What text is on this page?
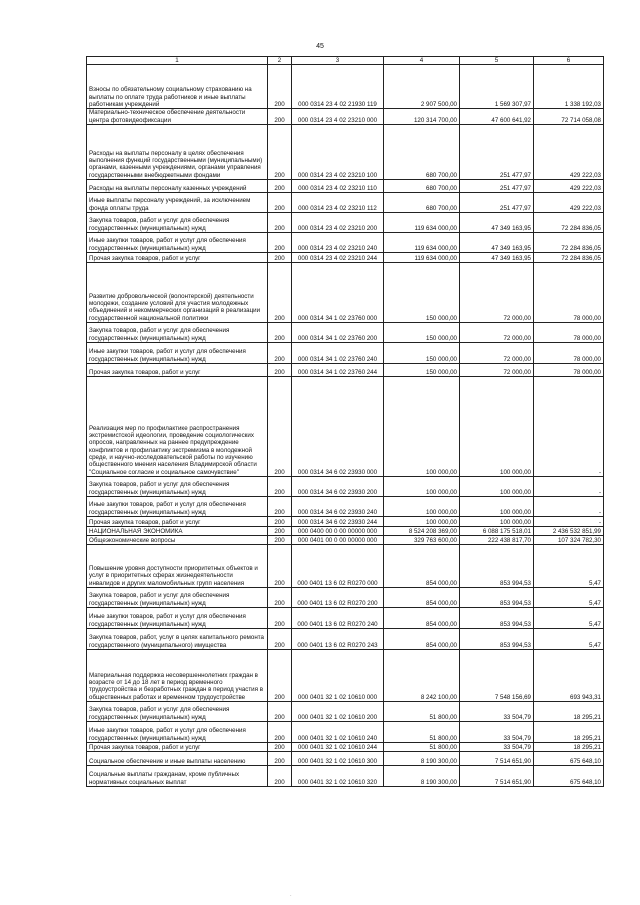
45
·
1	2	3	4	5	6
Взносы по обязательному социальному страхованию на выплаты по оплате труда работников и иные выплаты работникам учреждений	200	000 0314 23 4 02 21930 119	2 907 500,00	1 569 307,97	1 338 192,03
Материально-техническое обеспечение деятельности центра фотовидеофиксации	200	000 0314 23 4 02 23210 000	120 314 700,00	47 600 641,92	72 714 058,08
Расходы на выплаты персоналу в целях обеспечения выполнения функций государственными (муниципальными) органами, казенными учреждениями, органами управления государственными внебюджетными фондами	200	000 0314 23 4 02 23210 100	680 700,00	251 477,97	429 222,03
Расходы на выплаты персоналу казенных учреждений	200	000 0314 23 4 02 23210 110	680 700,00	251 477,97	429 222,03
Иные выплаты персоналу учреждений, за исключением фонда оплаты труда	200	000 0314 23 4 02 23210 112	680 700,00	251 477,97	429 222,03
Закупка товаров, работ и услуг для обеспечения государственных (муниципальных) нужд	200	000 0314 23 4 02 23210 200	119 634 000,00	47 349 163,95	72 284 836,05
Иные закупки товаров, работ и услуг для обеспечения государственных (муниципальных) нужд	200	000 0314 23 4 02 23210 240	119 634 000,00	47 349 163,95	72 284 836,05
Прочая закупка товаров, работ и услуг	200	000 0314 23 4 02 23210 244	119 634 000,00	47 349 163,95	72 284 836,05
Развитие добровольческой (волонтерской) деятельности молодежи, создание условий для участия молодежных объединений и некоммерческих организаций в реализации государственной национальной политики	200	000 0314 34 1 02 23760 000	150 000,00	72 000,00	78 000,00
Закупка товаров, работ и услуг для обеспечения государственных (муниципальных) нужд	200	000 0314 34 1 02 23760 200	150 000,00	72 000,00	78 000,00
Иные закупки товаров, работ и услуг для обеспечения государственных (муниципальных) нужд	200	000 0314 34 1 02 23760 240	150 000,00	72 000,00	78 000,00
Прочая закупка товаров, работ и услуг	200	000 0314 34 1 02 23760 244	150 000,00	72 000,00	78 000,00
Реализация мер по профилактике распространения экстремистской идеологии, проведение социологических опросов, направленных на раннее предупреждение конфликтов и профилактику экстремизма в молодежной среде, и научно-исследовательской работы по изучению общественного мнения населения Владимирской области "Социальное согласие и социальное самочувствие"	200	000 0314 34 6 02 23930 000	100 000,00	100 000,00	-
Закупка товаров, работ и услуг для обеспечения государственных (муниципальных) нужд	200	000 0314 34 6 02 23930 200	100 000,00	100 000,00	-
Иные закупки товаров, работ и услуг для обеспечения государственных (муниципальных) нужд	200	000 0314 34 6 02 23930 240	100 000,00	100 000,00	-
Прочая закупка товаров, работ и услуг	200	000 0314 34 6 02 23930 244	100 000,00	100 000,00	-
НАЦИОНАЛЬНАЯ ЭКОНОМИКА	200	000 0400 00 0 00 00000 000	8 524 208 369,00	6 088 175 518,01	2 436 532 851,99
Общеэкономические вопросы	200	000 0401 00 0 00 00000 000	329 763 600,00	222 438 817,70	107 324 782,30
Повышение уровня доступности приоритетных объектов и услуг в приоритетных сферах жизнедеятельности инвалидов и других маломобильных групп населения	200	000 0401 13 6 02 R0270 000	854 000,00	853 994,53	5,47
Закупка товаров, работ и услуг для обеспечения государственных (муниципальных) нужд	200	000 0401 13 6 02 R0270 200	854 000,00	853 994,53	5,47
Иные закупки товаров, работ и услуг для обеспечения государственных (муниципальных) нужд	200	000 0401 13 6 02 R0270 240	854 000,00	853 994,53	5,47
Закупка товаров, работ, услуг в целях капитального ремонта государственного (муниципального) имущества	200	000 0401 13 6 02 R0270 243	854 000,00	853 994,53	5,47
Материальная поддержка несовершеннолетних граждан в возрасте от 14 до 18 лет в период временного трудоустройства и безработных граждан в период участия в общественных работах и временном трудоустройстве	200	000 0401 32 1 02 10610 000	8 242 100,00	7 548 156,69	693 943,31
Закупка товаров, работ и услуг для обеспечения государственных (муниципальных) нужд	200	000 0401 32 1 02 10610 200	51 800,00	33 504,79	18 295,21
Иные закупки товаров, работ и услуг для обеспечения государственных (муниципальных) нужд	200	000 0401 32 1 02 10610 240	51 800,00	33 504,79	18 295,21
Прочая закупка товаров, работ и услуг	200	000 0401 32 1 02 10610 244	51 800,00	33 504,79	18 295,21
Социальное обеспечение и иные выплаты населению	200	000 0401 32 1 02 10610 300	8 190 300,00	7 514 651,90	675 648,10
Социальные выплаты гражданам, кроме публичных нормативных социальных выплат	200	000 0401 32 1 02 10610 320	8 190 300,00	7 514 651,90	675 648,10
